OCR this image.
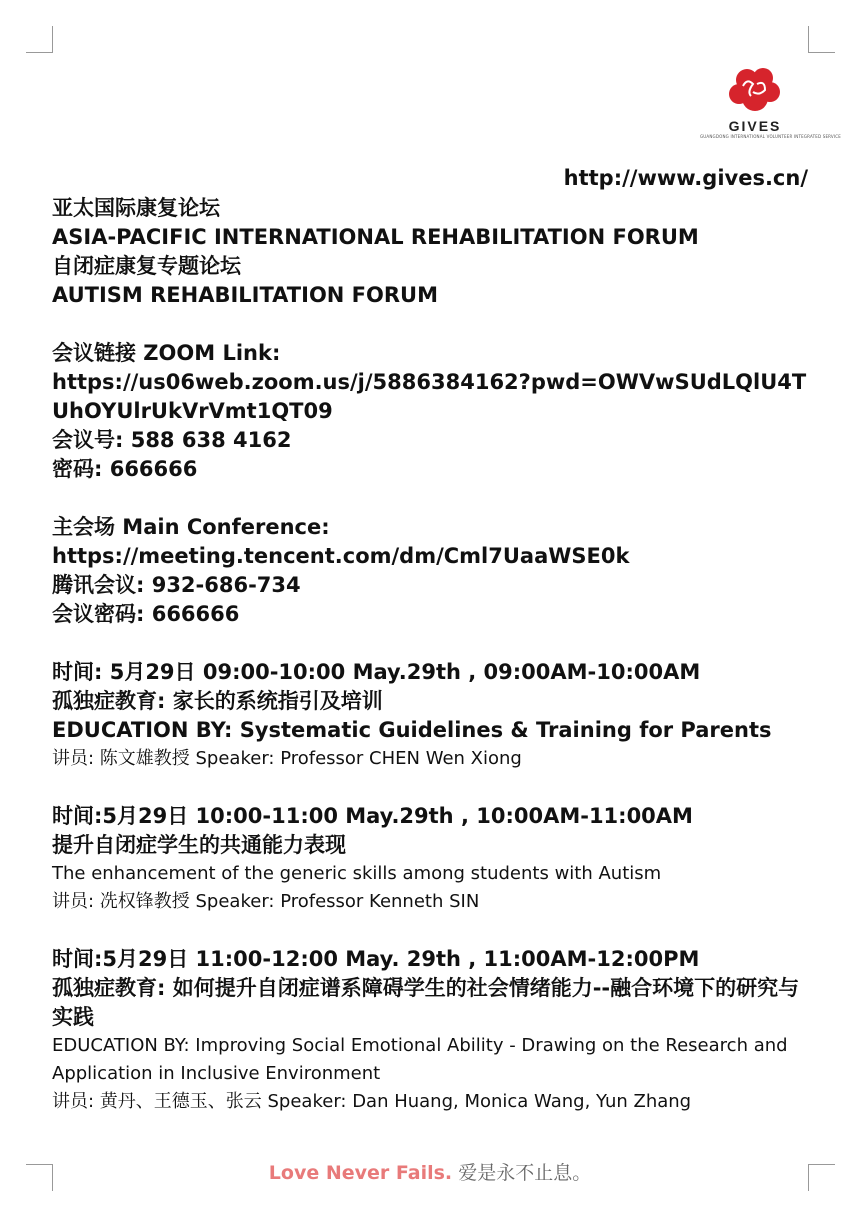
GIVES
GUANGDONG INTERNATIONAL VOLUNTEER INTEGRATED SERVICE
http://www.gives.cn/
亚太国际康复论坛
ASIA-PACIFIC INTERNATIONAL REHABILITATION FORUM
自闭症康复专题论坛
AUTISM REHABILITATION FORUM
会议链接 ZOOM Link:
https://us06web.zoom.us/j/5886384162?pwd=OWVwSUdLQlU4TUhOYUlrUkVrVmt1QT09
会议号: 588 638 4162
密码: 666666
主会场 Main Conference:
https://meeting.tencent.com/dm/Cml7UaaWSE0k
腾讯会议: 932-686-734
会议密码: 666666
时间: 5月29日 09:00-10:00 May.29th , 09:00AM-10:00AM
孤独症教育: 家长的系统指引及培训
EDUCATION BY: Systematic Guidelines & Training for Parents
讲员: 陈文雄教授 Speaker: Professor CHEN Wen Xiong
时间:5月29日 10:00-11:00 May.29th , 10:00AM-11:00AM
提升自闭症学生的共通能力表现
The enhancement of the generic skills among students with Autism
讲员: 冼权锋教授 Speaker: Professor Kenneth SIN
时间:5月29日 11:00-12:00 May. 29th , 11:00AM-12:00PM
孤独症教育: 如何提升自闭症谱系障碍学生的社会情绪能力--融合环境下的研究与实践
EDUCATION BY: Improving Social Emotional Ability - Drawing on the Research and Application in Inclusive Environment
讲员: 黄丹、王德玉、张云 Speaker: Dan Huang, Monica Wang, Yun Zhang
Love Never Fails. 爱是永不止息。
